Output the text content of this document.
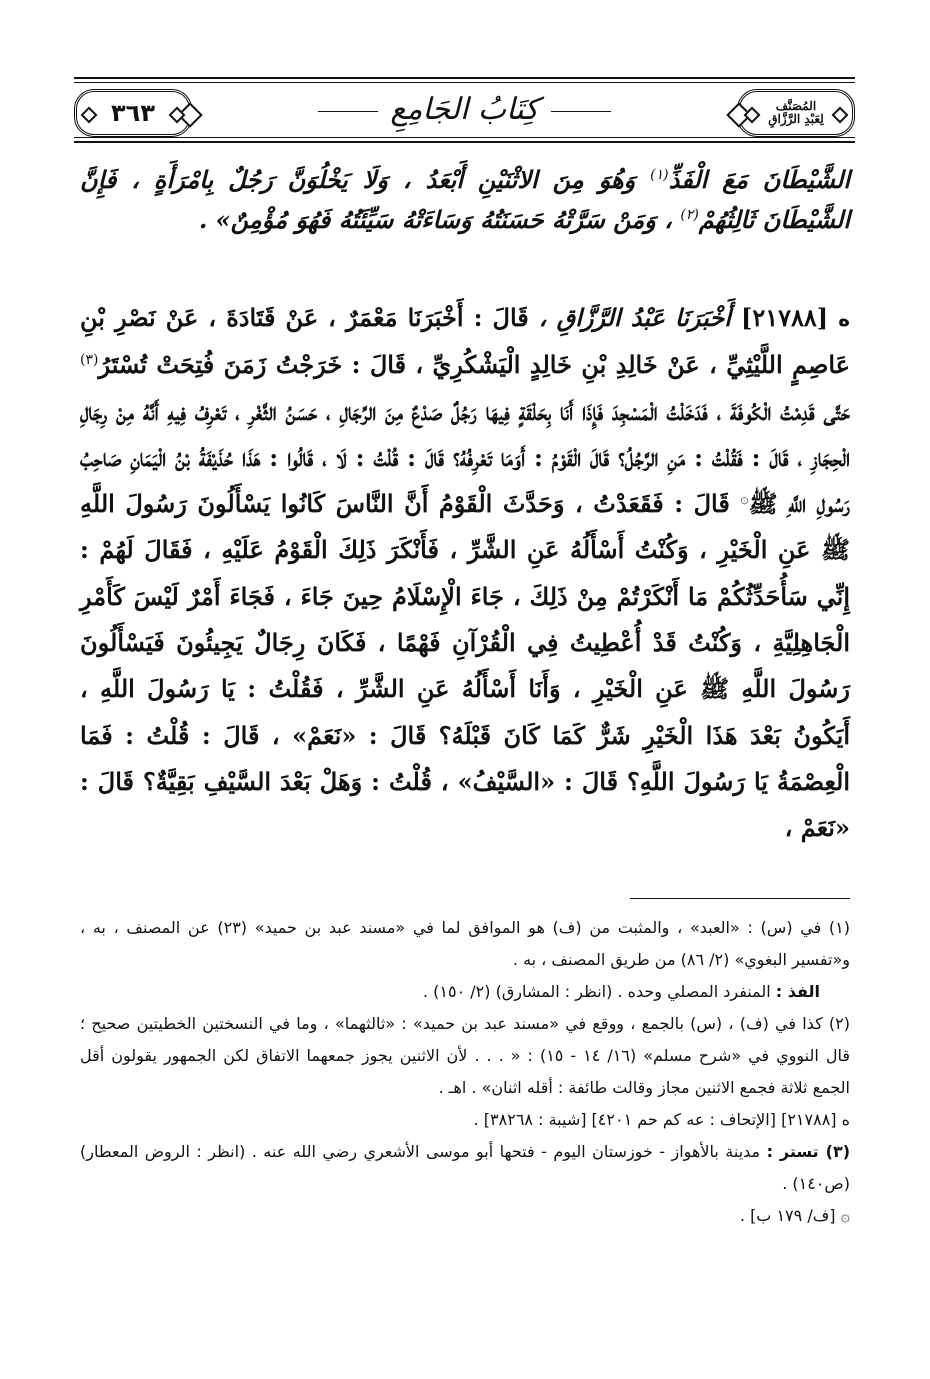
المُصَنَّف
لِعَبْدِ الرَّزَّاقِ
كِتَابُ الجَامِعِ
٣٦٣
الشَّيْطَانَ مَعَ الْفَذِّ$^{(١)}$ وَهُوَ مِنَ الاثْنَيْنِ أَبْعَدُ ، وَلَا يَخْلُوَنَّ رَجُلٌ بِامْرَأَةٍ ، فَإِنَّ الشَّيْطَانَ ثَالِثُهُمْ$^{(٢)}$ ، وَمَنْ سَرَّتْهُ حَسَنَتُهُ وَسَاءَتْهُ سَيِّئَتُهُ فَهُوَ مُؤْمِنٌ» .
ه [٢١٧٨٨] أَخْبَرَنَا عَبْدُ الرَّزَّاقِ ، قَالَ : أَخْبَرَنَا مَعْمَرٌ ، عَنْ قَتَادَةَ ، عَنْ نَصْرِ بْنِ عَاصِمٍ اللَّيْثِيِّ ، عَنْ خَالِدِ بْنِ خَالِدٍ الْيَشْكُرِيِّ ، قَالَ : خَرَجْتُ زَمَنَ فُتِحَتْ تُسْتَرُ$^{(٣)}$ حَتَّى قَدِمْتُ الْكُوفَةَ ، فَدَخَلْتُ الْمَسْجِدَ فَإِذَا أَنَا بِحَلْقَةٍ فِيهَا رَجُلٌ صَدْعٌ مِنَ الرِّجَالِ ، حَسَنُ الثَّغْرِ ، تَعْرِفُ فِيهِ أَنَّهُ مِنْ رِجَالِ الْحِجَازِ ، قَالَ : فَقُلْتُ : مَنِ الرَّجُلُ؟ قَالَ الْقَوْمُ : أَوَمَا تَعْرِفُهُ؟ قَالَ : قُلْتُ : لَا ، قَالُوا : هَذَا حُذَيْفَةُ بْنُ الْيَمَانِ صَاحِبُ رَسُولِ اللَّهِ ﷺ۞ قَالَ : فَقَعَدْتُ ، وَحَدَّثَ الْقَوْمُ أَنَّ النَّاسَ كَانُوا يَسْأَلُونَ رَسُولَ اللَّهِ ﷺ عَنِ الْخَيْرِ ، وَكُنْتُ أَسْأَلُهُ عَنِ الشَّرِّ ، فَأَنْكَرَ ذَلِكَ الْقَوْمُ عَلَيْهِ ، فَقَالَ لَهُمْ : إِنِّي سَأُحَدِّثُكُمْ مَا أَنْكَرْتُمْ مِنْ ذَلِكَ ، جَاءَ الْإِسْلَامُ حِينَ جَاءَ ، فَجَاءَ أَمْرٌ لَيْسَ كَأَمْرِ الْجَاهِلِيَّةِ ، وَكُنْتُ قَدْ أُعْطِيتُ فِي الْقُرْآنِ فَهْمًا ، فَكَانَ رِجَالٌ يَجِيئُونَ فَيَسْأَلُونَ رَسُولَ اللَّهِ ﷺ عَنِ الْخَيْرِ ، وَأَنَا أَسْأَلُهُ عَنِ الشَّرِّ ، فَقُلْتُ : يَا رَسُولَ اللَّهِ ، أَيَكُونُ بَعْدَ هَذَا الْخَيْرِ شَرٌّ كَمَا كَانَ قَبْلَهُ؟ قَالَ : «نَعَمْ» ، قَالَ : قُلْتُ : فَمَا الْعِصْمَةُ يَا رَسُولَ اللَّهِ؟ قَالَ : «السَّيْفُ» ، قُلْتُ : وَهَلْ بَعْدَ السَّيْفِ بَقِيَّةٌ؟ قَالَ : «نَعَمْ ،

(١) في (س) : «العبد» ، والمثبت من (ف) هو الموافق لما في «مسند عبد بن حميد» (٢٣) عن المصنف ، به ، و«تفسير البغوي» (٢/ ٨٦) من طريق المصنف ، به .

الفذ : المنفرد المصلي وحده . (انظر : المشارق) (٢/ ١٥٠) .

(٢) كذا في (ف) ، (س) بالجمع ، ووقع في «مسند عبد بن حميد» : «ثالثهما» ، وما في النسختين الخطيتين صحيح ؛ قال النووي في «شرح مسلم» (١٦/ ١٤ - ١٥) : « . . . لأن الاثنين يجوز جمعهما الاتفاق لكن الجمهور يقولون أقل الجمع ثلاثة فجمع الاثنين مجاز وقالت طائفة : أقله اثنان» . اهـ .

ه [٢١٧٨٨] [الإتحاف : عه كم حم ٤٢٠١] [شيبة : ٣٨٢٦٨] .

(٣) تستر : مدينة بالأهواز - خوزستان اليوم - فتحها أبو موسى الأشعري رضي الله عنه . (انظر : الروض المعطار) (ص١٤٠) .

۞ [ف/ ١٧٩ ب] .
